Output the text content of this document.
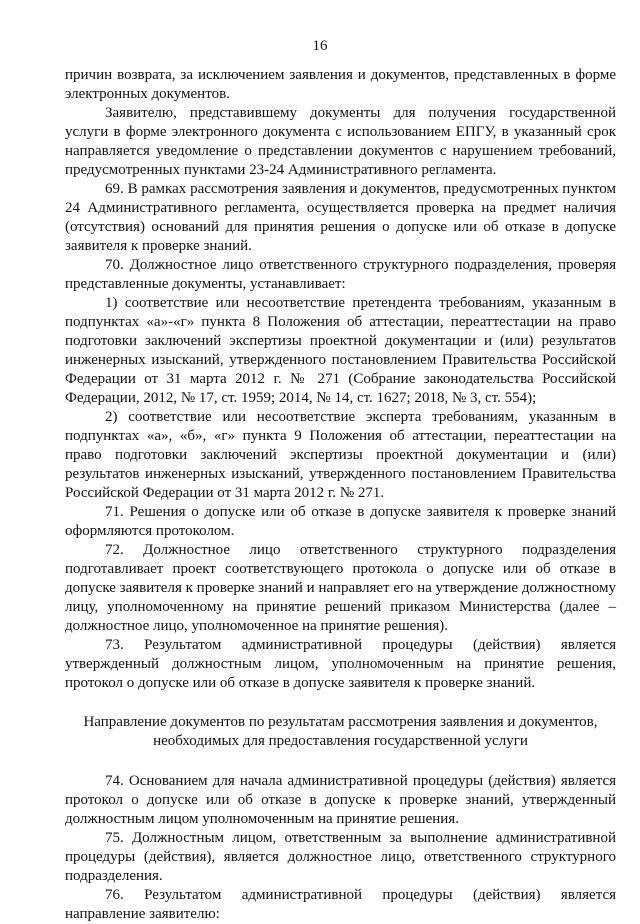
16

причин возврата, за исключением заявления и документов, представленных в форме электронных документов.

Заявителю, представившему документы для получения государственной услуги в форме электронного документа с использованием ЕПГУ, в указанный срок направляется уведомление о представлении документов с нарушением требований, предусмотренных пунктами 23-24 Административного регламента.

69. В рамках рассмотрения заявления и документов, предусмотренных пунктом 24 Административного регламента, осуществляется проверка на предмет наличия (отсутствия) оснований для принятия решения о допуске или об отказе в допуске заявителя к проверке знаний.

70. Должностное лицо ответственного структурного подразделения, проверяя представленные документы, устанавливает:

1) соответствие или несоответствие претендента требованиям, указанным в подпунктах «а»-«г» пункта 8 Положения об аттестации, переаттестации на право подготовки заключений экспертизы проектной документации и (или) результатов инженерных изысканий, утвержденного постановлением Правительства Российской Федерации от 31 марта 2012 г. № 271 (Собрание законодательства Российской Федерации, 2012, № 17, ст. 1959; 2014, № 14, ст. 1627; 2018, № 3, ст. 554);

2) соответствие или несоответствие эксперта требованиям, указанным в подпунктах «а», «б», «г» пункта 9 Положения об аттестации, переаттестации на право подготовки заключений экспертизы проектной документации и (или) результатов инженерных изысканий, утвержденного постановлением Правительства Российской Федерации от 31 марта 2012 г. № 271.

71. Решения о допуске или об отказе в допуске заявителя к проверке знаний оформляются протоколом.

72. Должностное лицо ответственного структурного подразделения подготавливает проект соответствующего протокола о допуске или об отказе в допуске заявителя к проверке знаний и направляет его на утверждение должностному лицу, уполномоченному на принятие решений приказом Министерства (далее – должностное лицо, уполномоченное на принятие решения).

73. Результатом административной процедуры (действия) является утвержденный должностным лицом, уполномоченным на принятие решения, протокол о допуске или об отказе в допуске заявителя к проверке знаний.

Направление документов по результатам рассмотрения заявления и документов, необходимых для предоставления государственной услуги

74. Основанием для начала административной процедуры (действия) является протокол о допуске или об отказе в допуске к проверке знаний, утвержденный должностным лицом уполномоченным на принятие решения.

75. Должностным лицом, ответственным за выполнение административной процедуры (действия), является должностное лицо, ответственного структурного подразделения.

76. Результатом административной процедуры (действия) является направление заявителю:
